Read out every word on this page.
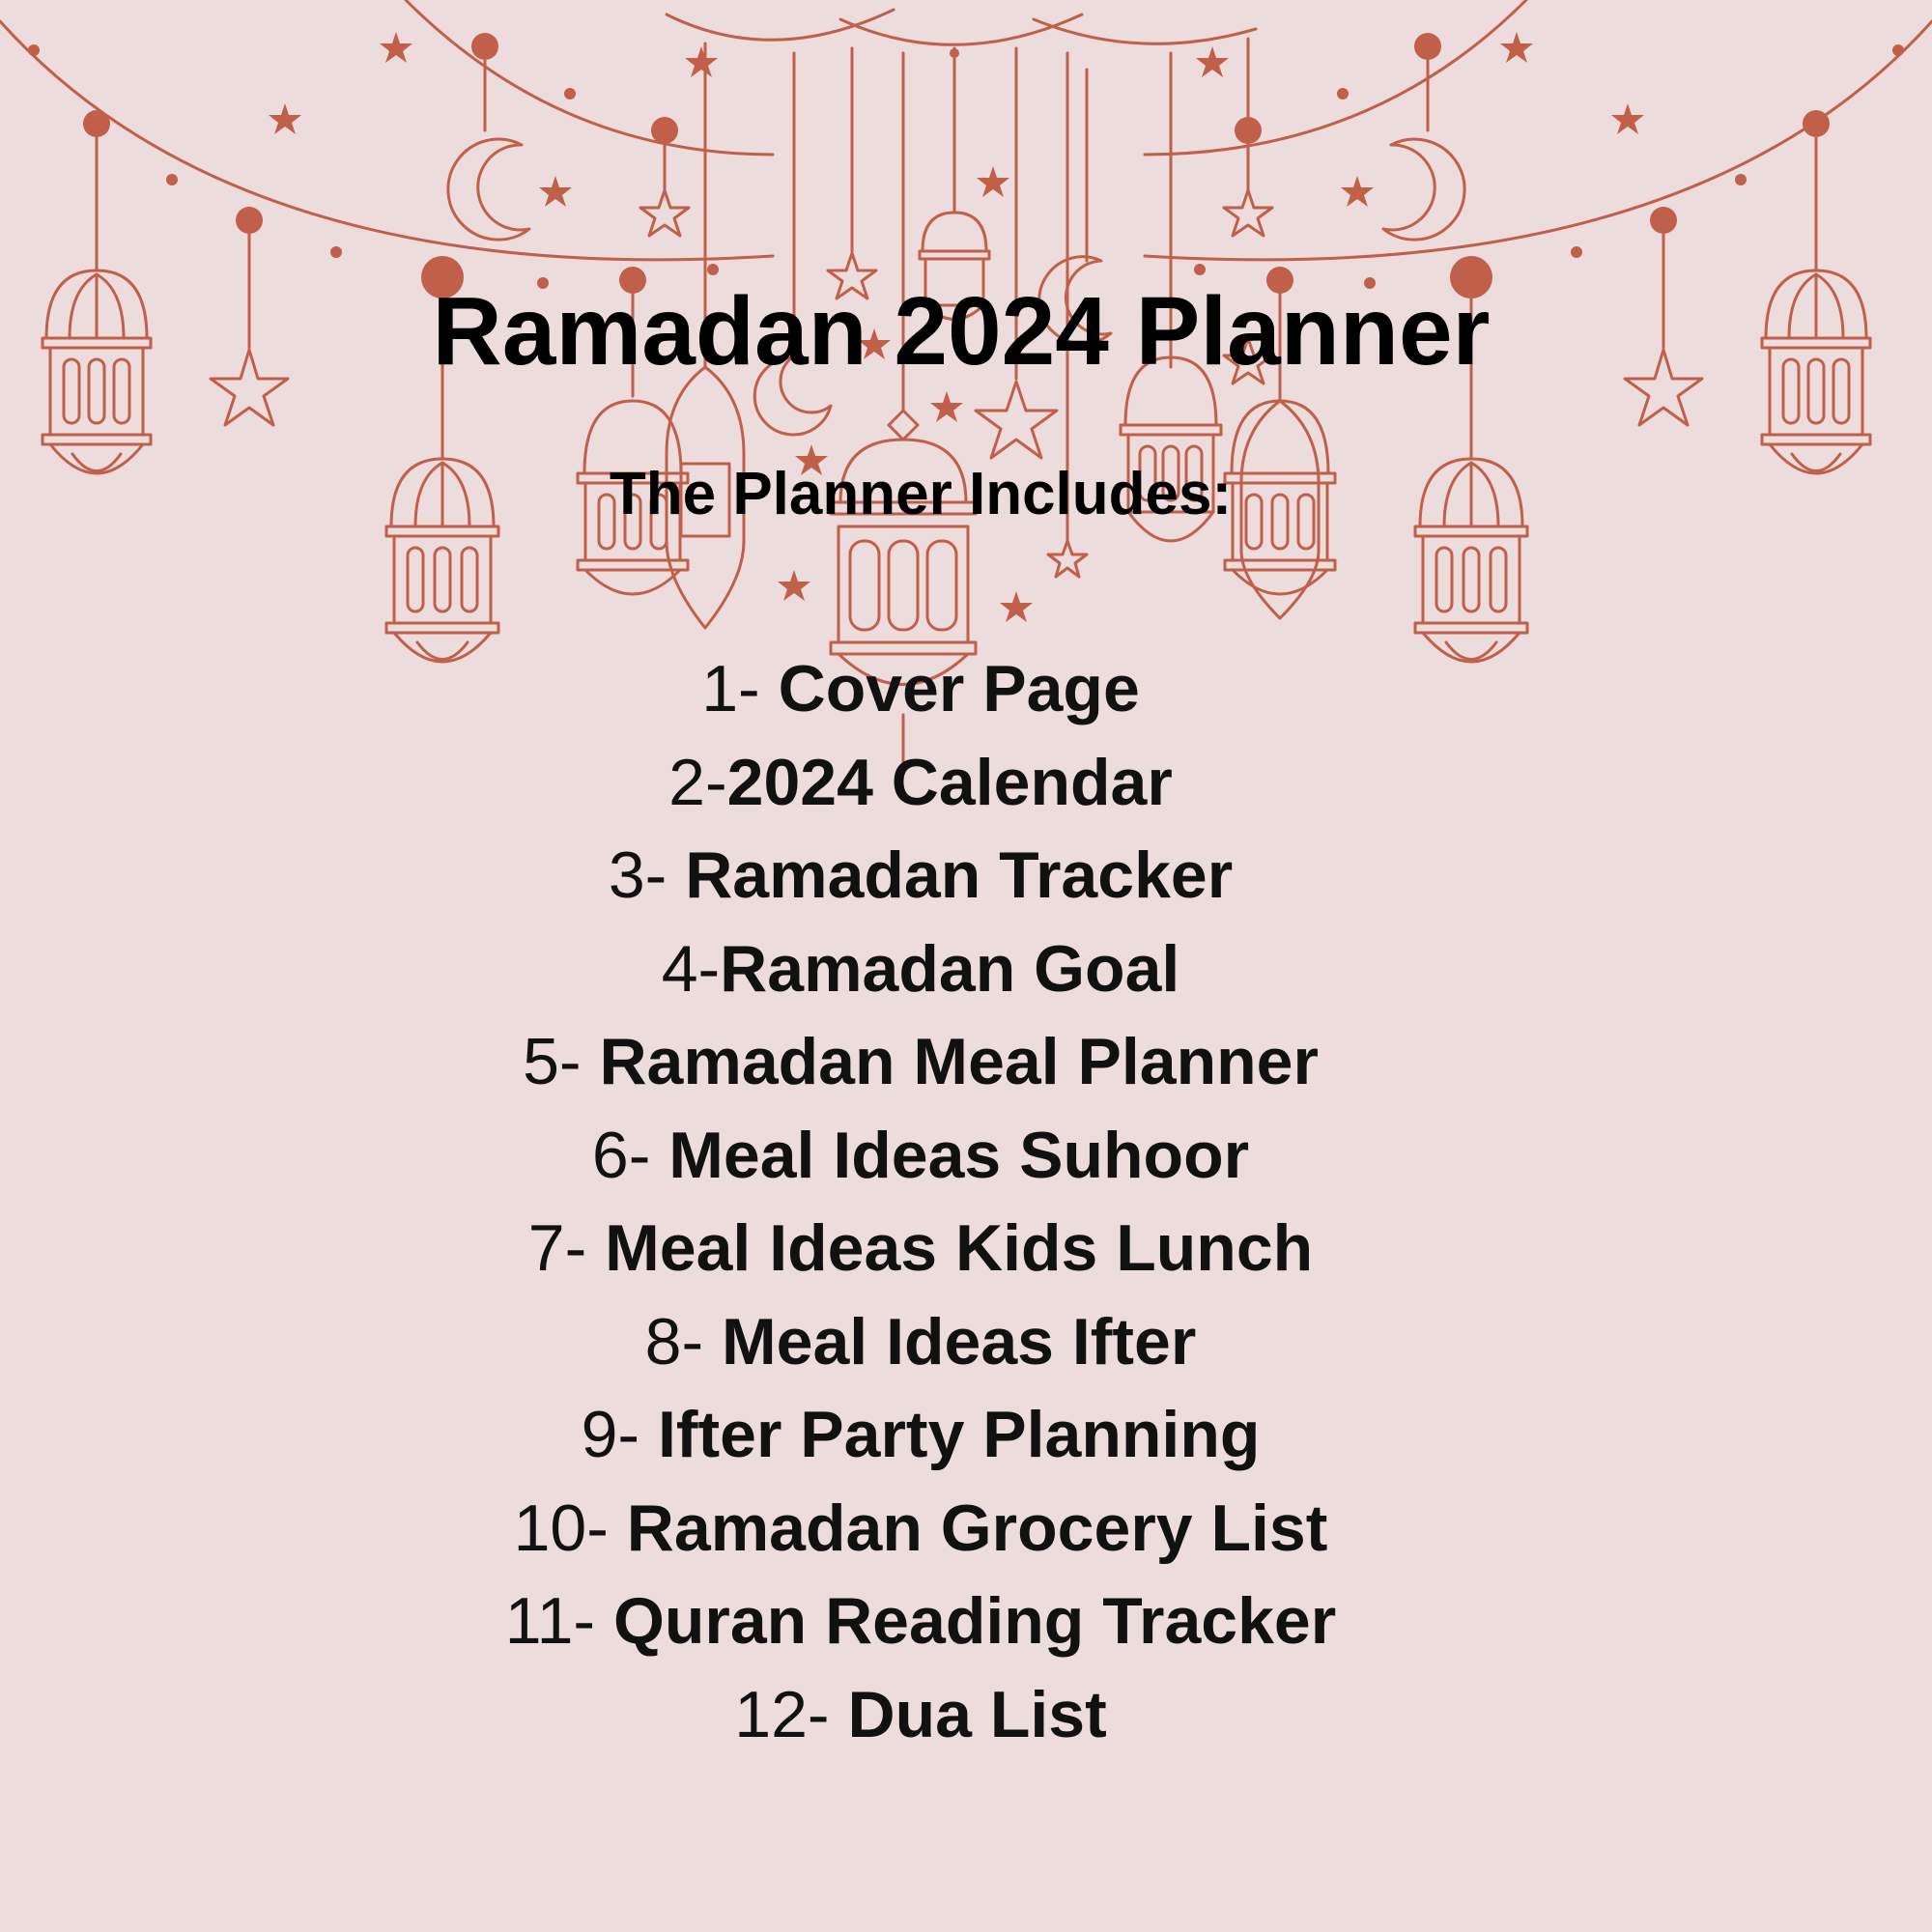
Ramadan 2024 Planner
The Planner Includes:
1- Cover Page
2-2024 Calendar
3- Ramadan Tracker
4-Ramadan Goal
5- Ramadan Meal Planner
6- Meal Ideas Suhoor
7- Meal Ideas Kids Lunch
8- Meal Ideas Ifter
9- Ifter Party Planning
10- Ramadan Grocery List
11- Quran Reading Tracker
12- Dua List
